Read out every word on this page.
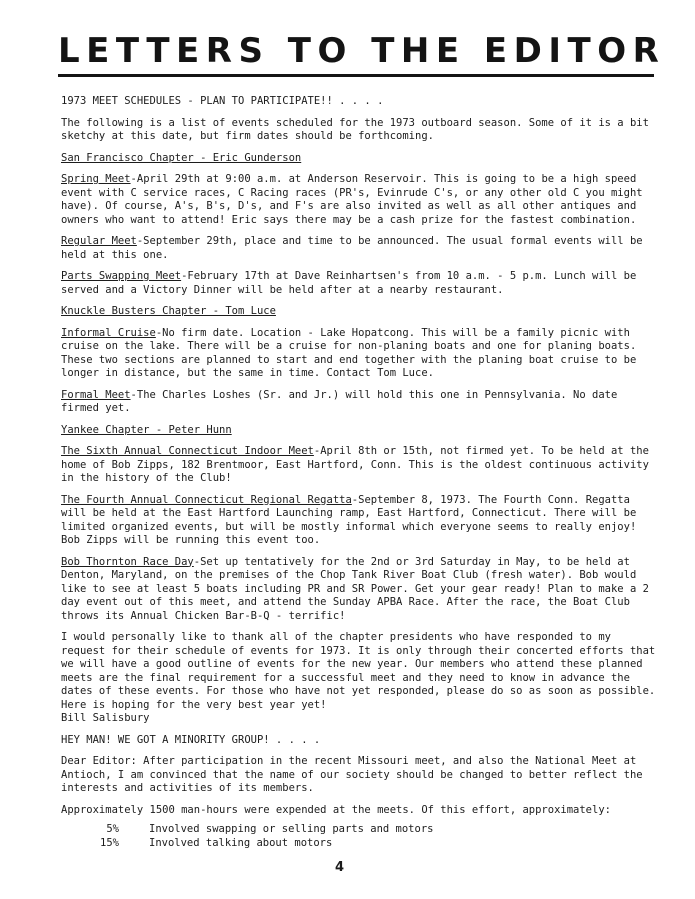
LETTERS TO THE EDITOR

1973 MEET SCHEDULES - PLAN TO PARTICIPATE!! . . . .

The following is a list of events scheduled for the 1973 outboard season. Some of it is a bit sketchy at this date, but firm dates should be forthcoming.

San Francisco Chapter - Eric Gunderson

Spring Meet-April 29th at 9:00 a.m. at Anderson Reservoir. This is going to be a high speed event with C service races, C Racing races (PR's, Evinrude C's, or any other old C you might have). Of course, A's, B's, D's, and F's are also invited as well as all other antiques and owners who want to attend! Eric says there may be a cash prize for the fastest combination.

Regular Meet-September 29th, place and time to be announced. The usual formal events will be held at this one.

Parts Swapping Meet-February 17th at Dave Reinhartsen's from 10 a.m. - 5 p.m. Lunch will be served and a Victory Dinner will be held after at a nearby restaurant.

Knuckle Busters Chapter - Tom Luce

Informal Cruise-No firm date. Location - Lake Hopatcong. This will be a family picnic with cruise on the lake. There will be a cruise for non-planing boats and one for planing boats. These two sections are planned to start and end together with the planing boat cruise to be longer in distance, but the same in time. Contact Tom Luce.

Formal Meet-The Charles Loshes (Sr. and Jr.) will hold this one in Pennsylvania. No date firmed yet.

Yankee Chapter - Peter Hunn

The Sixth Annual Connecticut Indoor Meet-April 8th or 15th, not firmed yet. To be held at the home of Bob Zipps, 182 Brentmoor, East Hartford, Conn. This is the oldest continuous activity in the history of the Club!

The Fourth Annual Connecticut Regional Regatta-September 8, 1973. The Fourth Conn. Regatta will be held at the East Hartford Launching ramp, East Hartford, Connecticut. There will be limited organized events, but will be mostly informal which everyone seems to really enjoy! Bob Zipps will be running this event too.

Bob Thornton Race Day-Set up tentatively for the 2nd or 3rd Saturday in May, to be held at Denton, Maryland, on the premises of the Chop Tank River Boat Club (fresh water). Bob would like to see at least 5 boats including PR and SR Power. Get your gear ready! Plan to make a 2 day event out of this meet, and attend the Sunday APBA Race. After the race, the Boat Club throws its Annual Chicken Bar-B-Q - terrific!

I would personally like to thank all of the chapter presidents who have responded to my request for their schedule of events for 1973. It is only through their concerted efforts that we will have a good outline of events for the new year. Our members who attend these planned meets are the final requirement for a successful meet and they need to know in advance the dates of these events. For those who have not yet responded, please do so as soon as possible. Here is hoping for the very best year yet!
Bill Salisbury

HEY MAN! WE GOT A MINORITY GROUP! . . . .

Dear Editor: After participation in the recent Missouri meet, and also the National Meet at Antioch, I am convinced that the name of our society should be changed to better reflect the interests and activities of its members.

Approximately 1500 man-hours were expended at the meets. Of this effort, approximately:

5%	Involved swapping or selling parts and motors
15%	Involved talking about motors
4
